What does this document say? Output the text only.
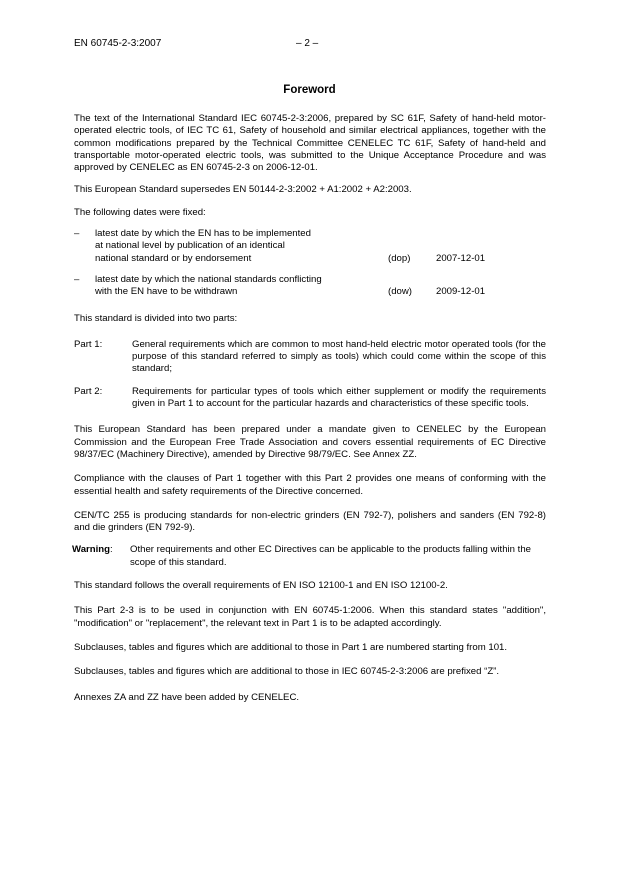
EN 60745-2-3:2007	– 2 –
Foreword

The text of the International Standard IEC 60745-2-3:2006, prepared by SC 61F, Safety of hand-held motor-operated electric tools, of IEC TC 61, Safety of household and similar electrical appliances, together with the common modifications prepared by the Technical Committee CENELEC TC 61F, Safety of hand-held and transportable motor-operated electric tools, was submitted to the Unique Acceptance Procedure and was approved by CENELEC as EN 60745-2-3 on 2006-12-01.

This European Standard supersedes EN 50144-2-3:2002 + A1:2002 + A2:2003.

The following dates were fixed:

–	latest date by which the EN has to be implemented
at national level by publication of an identical
national standard or by endorsement	(dop)	2007-12-01
–	latest date by which the national standards conflicting
with the EN have to be withdrawn	(dow)	2009-12-01

This standard is divided into two parts:

Part 1:	General requirements which are common to most hand-held electric motor operated tools (for the purpose of this standard referred to simply as tools) which could come within the scope of this standard;
Part 2:	Requirements for particular types of tools which either supplement or modify the requirements given in Part 1 to account for the particular hazards and characteristics of these specific tools.

This European Standard has been prepared under a mandate given to CENELEC by the European Commission and the European Free Trade Association and covers essential requirements of EC Directive 98/37/EC (Machinery Directive), amended by Directive 98/79/EC. See Annex ZZ.

Compliance with the clauses of Part 1 together with this Part 2 provides one means of conforming with the essential health and safety requirements of the Directive concerned.

CEN/TC 255 is producing standards for non-electric grinders (EN 792-7), polishers and sanders (EN 792-8) and die grinders (EN 792-9).

Warning:	Other requirements and other EC Directives can be applicable to the products falling within the scope of this standard.

This standard follows the overall requirements of EN ISO 12100-1 and EN ISO 12100-2.

This Part 2-3 is to be used in conjunction with EN 60745-1:2006. When this standard states "addition", "modification" or "replacement", the relevant text in Part 1 is to be adapted accordingly.

Subclauses, tables and figures which are additional to those in Part 1 are numbered starting from 101.

Subclauses, tables and figures which are additional to those in IEC 60745-2-3:2006 are prefixed “Z”.

Annexes ZA and ZZ have been added by CENELEC.
